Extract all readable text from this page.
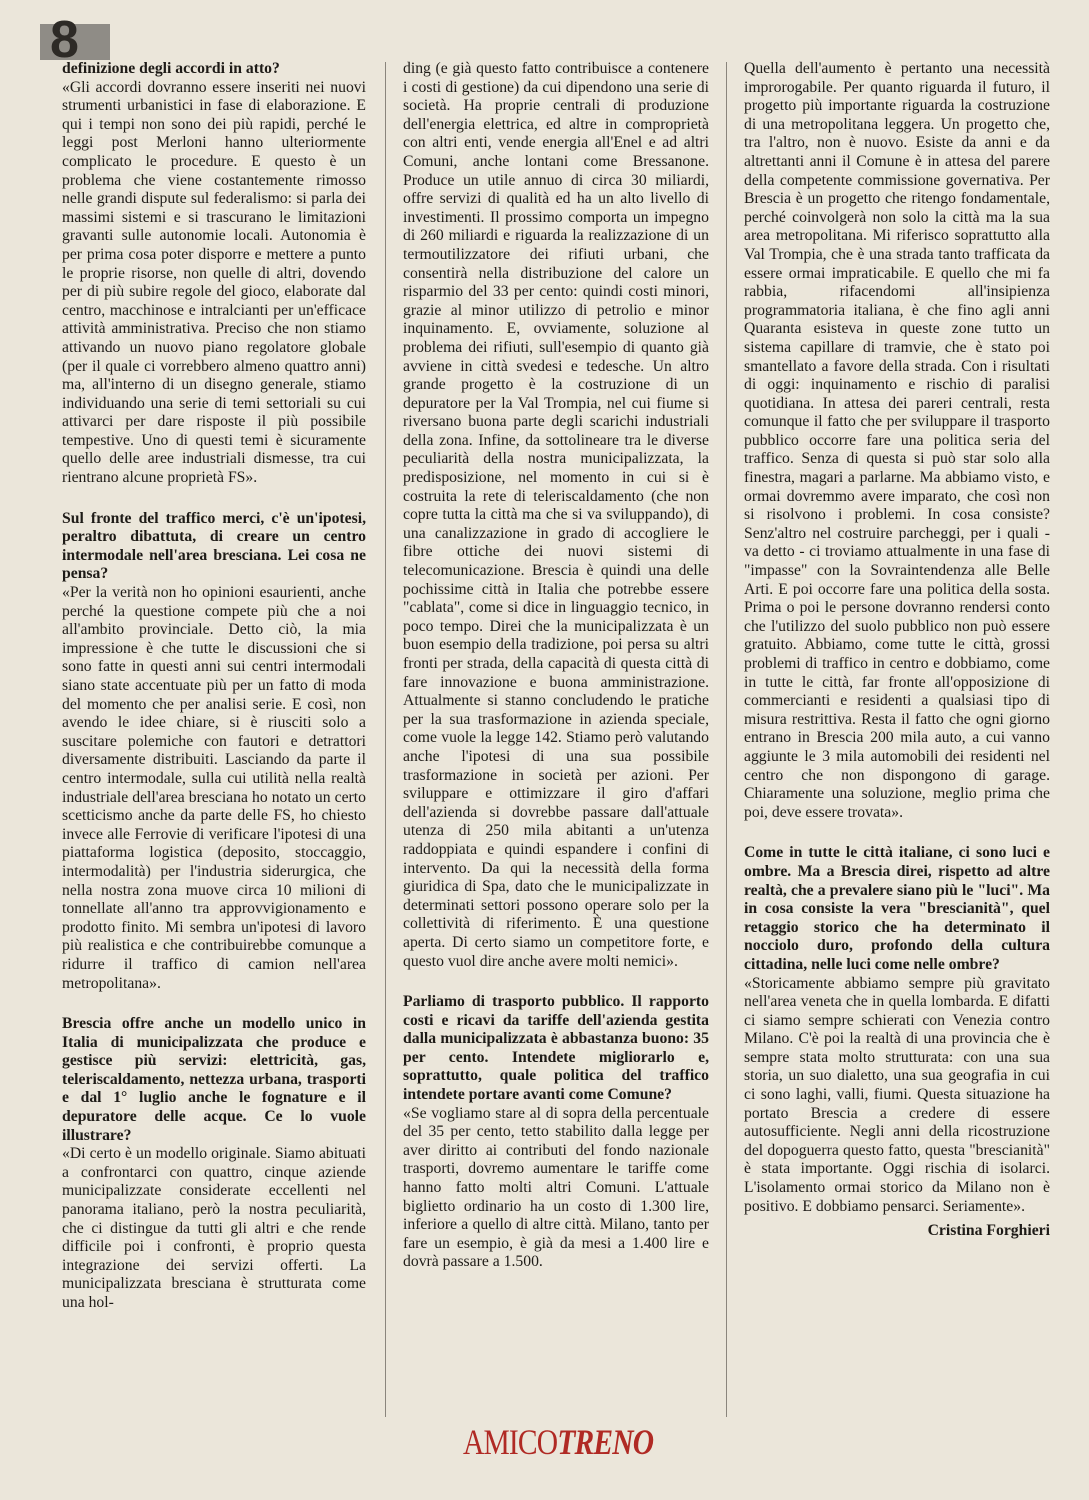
8

definizione degli accordi in atto?

«Gli accordi dovranno essere inseriti nei nuovi strumenti urbanistici in fase di elaborazione. E qui i tempi non sono dei più rapidi, perché le leggi post Merloni hanno ulteriormente complicato le procedure. E questo è un problema che viene costantemente rimosso nelle grandi dispute sul federalismo: si parla dei massimi sistemi e si trascurano le limitazioni gravanti sulle autonomie locali. Autonomia è per prima cosa poter disporre e mettere a punto le proprie risorse, non quelle di altri, dovendo per di più subire regole del gioco, elaborate dal centro, macchinose e intralcianti per un'efficace attività amministrativa. Preciso che non stiamo attivando un nuovo piano regolatore globale (per il quale ci vorrebbero almeno quattro anni) ma, all'interno di un disegno generale, stiamo individuando una serie di temi settoriali su cui attivarci per dare risposte il più possibile tempestive. Uno di questi temi è sicuramente quello delle aree industriali dismesse, tra cui rientrano alcune proprietà FS».

Sul fronte del traffico merci, c'è un'ipotesi, peraltro dibattuta, di creare un centro intermodale nell'area bresciana. Lei cosa ne pensa?

«Per la verità non ho opinioni esaurienti, anche perché la questione compete più che a noi all'ambito provinciale. Detto ciò, la mia impressione è che tutte le discussioni che si sono fatte in questi anni sui centri intermodali siano state accentuate più per un fatto di moda del momento che per analisi serie. E così, non avendo le idee chiare, si è riusciti solo a suscitare polemiche con fautori e detrattori diversamente distribuiti. Lasciando da parte il centro intermodale, sulla cui utilità nella realtà industriale dell'area bresciana ho notato un certo scetticismo anche da parte delle FS, ho chiesto invece alle Ferrovie di verificare l'ipotesi di una piattaforma logistica (deposito, stoccaggio, intermodalità) per l'industria siderurgica, che nella nostra zona muove circa 10 milioni di tonnellate all'anno tra approvvigionamento e prodotto finito. Mi sembra un'ipotesi di lavoro più realistica e che contribuirebbe comunque a ridurre il traffico di camion nell'area metropolitana».

Brescia offre anche un modello unico in Italia di municipalizzata che produce e gestisce più servizi: elettricità, gas, teleriscaldamento, nettezza urbana, trasporti e dal 1° luglio anche le fognature e il depuratore delle acque. Ce lo vuole illustrare?

«Di certo è un modello originale. Siamo abituati a confrontarci con quattro, cinque aziende municipalizzate considerate eccellenti nel panorama italiano, però la nostra peculiarità, che ci distingue da tutti gli altri e che rende difficile poi i confronti, è proprio questa integrazione dei servizi offerti. La municipalizzata bresciana è strutturata come una hol-

ding (e già questo fatto contribuisce a contenere i costi di gestione) da cui dipendono una serie di società. Ha proprie centrali di produzione dell'energia elettrica, ed altre in comproprietà con altri enti, vende energia all'Enel e ad altri Comuni, anche lontani come Bressanone. Produce un utile annuo di circa 30 miliardi, offre servizi di qualità ed ha un alto livello di investimenti. Il prossimo comporta un impegno di 260 miliardi e riguarda la realizzazione di un termoutilizzatore dei rifiuti urbani, che consentirà nella distribuzione del calore un risparmio del 33 per cento: quindi costi minori, grazie al minor utilizzo di petrolio e minor inquinamento. E, ovviamente, soluzione al problema dei rifiuti, sull'esempio di quanto già avviene in città svedesi e tedesche. Un altro grande progetto è la costruzione di un depuratore per la Val Trompia, nel cui fiume si riversano buona parte degli scarichi industriali della zona. Infine, da sottolineare tra le diverse peculiarità della nostra municipalizzata, la predisposizione, nel momento in cui si è costruita la rete di teleriscaldamento (che non copre tutta la città ma che si va sviluppando), di una canalizzazione in grado di accogliere le fibre ottiche dei nuovi sistemi di telecomunicazione. Brescia è quindi una delle pochissime città in Italia che potrebbe essere "cablata", come si dice in linguaggio tecnico, in poco tempo. Direi che la municipalizzata è un buon esempio della tradizione, poi persa su altri fronti per strada, della capacità di questa città di fare innovazione e buona amministrazione. Attualmente si stanno concludendo le pratiche per la sua trasformazione in azienda speciale, come vuole la legge 142. Stiamo però valutando anche l'ipotesi di una sua possibile trasformazione in società per azioni. Per sviluppare e ottimizzare il giro d'affari dell'azienda si dovrebbe passare dall'attuale utenza di 250 mila abitanti a un'utenza raddoppiata e quindi espandere i confini di intervento. Da qui la necessità della forma giuridica di Spa, dato che le municipalizzate in determinati settori possono operare solo per la collettività di riferimento. È una questione aperta. Di certo siamo un competitore forte, e questo vuol dire anche avere molti nemici».

Parliamo di trasporto pubblico. Il rapporto costi e ricavi da tariffe dell'azienda gestita dalla municipalizzata è abbastanza buono: 35 per cento. Intendete migliorarlo e, soprattutto, quale politica del traffico intendete portare avanti come Comune?

«Se vogliamo stare al di sopra della percentuale del 35 per cento, tetto stabilito dalla legge per aver diritto ai contributi del fondo nazionale trasporti, dovremo aumentare le tariffe come hanno fatto molti altri Comuni. L'attuale biglietto ordinario ha un costo di 1.300 lire, inferiore a quello di altre città. Milano, tanto per fare un esempio, è già da mesi a 1.400 lire e dovrà passare a 1.500.

Quella dell'aumento è pertanto una necessità improrogabile. Per quanto riguarda il futuro, il progetto più importante riguarda la costruzione di una metropolitana leggera. Un progetto che, tra l'altro, non è nuovo. Esiste da anni e da altrettanti anni il Comune è in attesa del parere della competente commissione governativa. Per Brescia è un progetto che ritengo fondamentale, perché coinvolgerà non solo la città ma la sua area metropolitana. Mi riferisco soprattutto alla Val Trompia, che è una strada tanto trafficata da essere ormai impraticabile. E quello che mi fa rabbia, rifacendomi all'insipienza programmatoria italiana, è che fino agli anni Quaranta esisteva in queste zone tutto un sistema capillare di tramvie, che è stato poi smantellato a favore della strada. Con i risultati di oggi: inquinamento e rischio di paralisi quotidiana. In attesa dei pareri centrali, resta comunque il fatto che per sviluppare il trasporto pubblico occorre fare una politica seria del traffico. Senza di questa si può star solo alla finestra, magari a parlarne. Ma abbiamo visto, e ormai dovremmo avere imparato, che così non si risolvono i problemi. In cosa consiste? Senz'altro nel costruire parcheggi, per i quali - va detto - ci troviamo attualmente in una fase di "impasse" con la Sovraintendenza alle Belle Arti. E poi occorre fare una politica della sosta. Prima o poi le persone dovranno rendersi conto che l'utilizzo del suolo pubblico non può essere gratuito. Abbiamo, come tutte le città, grossi problemi di traffico in centro e dobbiamo, come in tutte le città, far fronte all'opposizione di commercianti e residenti a qualsiasi tipo di misura restrittiva. Resta il fatto che ogni giorno entrano in Brescia 200 mila auto, a cui vanno aggiunte le 3 mila automobili dei residenti nel centro che non dispongono di garage. Chiaramente una soluzione, meglio prima che poi, deve essere trovata».

Come in tutte le città italiane, ci sono luci e ombre. Ma a Brescia direi, rispetto ad altre realtà, che a prevalere siano più le "luci". Ma in cosa consiste la vera "brescianità", quel retaggio storico che ha determinato il nocciolo duro, profondo della cultura cittadina, nelle luci come nelle ombre?

«Storicamente abbiamo sempre più gravitato nell'area veneta che in quella lombarda. E difatti ci siamo sempre schierati con Venezia contro Milano. C'è poi la realtà di una provincia che è sempre stata molto strutturata: con una sua storia, un suo dialetto, una sua geografia in cui ci sono laghi, valli, fiumi. Questa situazione ha portato Brescia a credere di essere autosufficiente. Negli anni della ricostruzione del dopoguerra questo fatto, questa "brescianità" è stata importante. Oggi rischia di isolarci. L'isolamento ormai storico da Milano non è positivo. E dobbiamo pensarci. Seriamente».

Cristina Forghieri

AMICOTRENO
